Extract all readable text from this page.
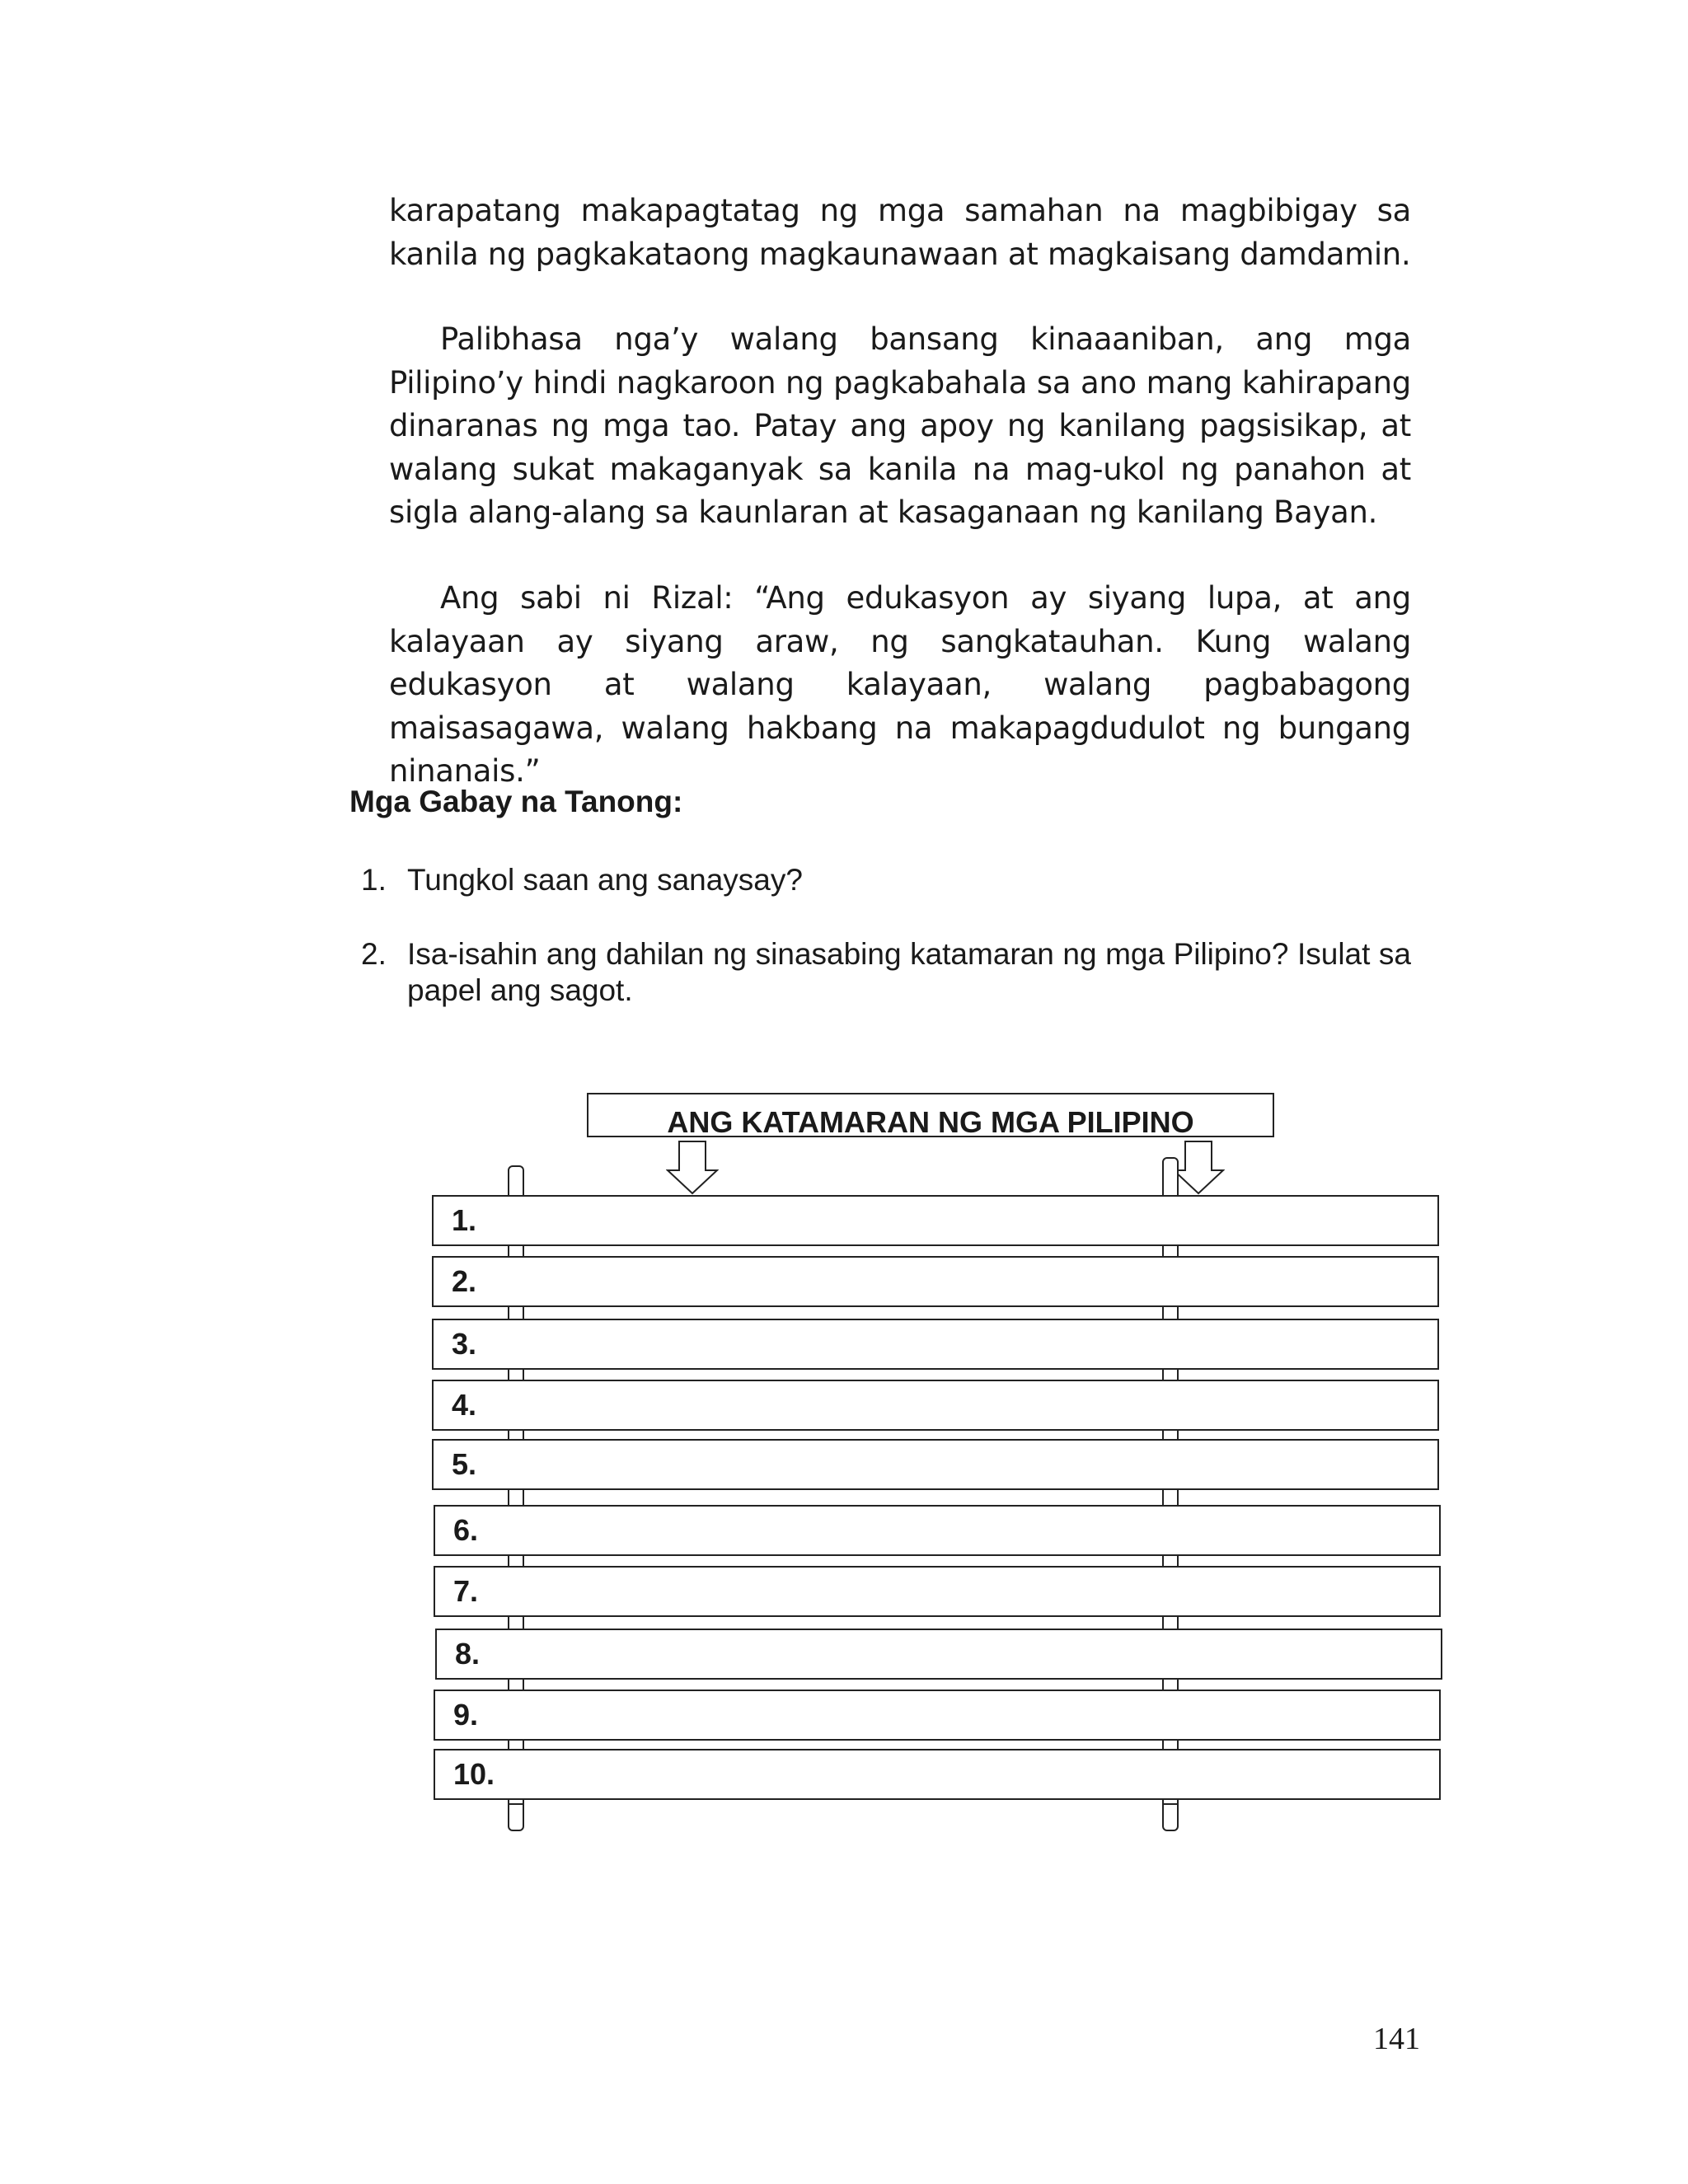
karapatang makapagtatag ng mga samahan na magbibigay sa kanila ng pagkakataong magkaunawaan at magkaisang damdamin.

Palibhasa nga’y walang bansang kinaaaniban, ang mga Pilipino’y hindi nagkaroon ng pagkabahala sa ano mang kahirapang dinaranas ng mga tao. Patay ang apoy ng kanilang pagsisikap, at walang sukat makaganyak sa kanila na mag-ukol ng panahon at sigla alang-alang sa kaunlaran at kasaganaan ng kanilang Bayan.

Ang sabi ni Rizal: “Ang edukasyon ay siyang lupa, at ang kalayaan ay siyang araw, ng sangkatauhan. Kung walang edukasyon at walang kalayaan, walang pagbabagong maisasagawa, walang hakbang na makapagdudulot ng bungang ninanais.”

Mga Gabay na Tanong:
1. Tungkol saan ang sanaysay?
2. Isa-isahin ang dahilan ng sinasabing katamaran ng mga Pilipino? Isulat sa papel ang sagot.
ANG KATAMARAN NG MGA PILIPINO
1.
2.
3.
4.
5.
6.
7.
8.
9.
10.
141
